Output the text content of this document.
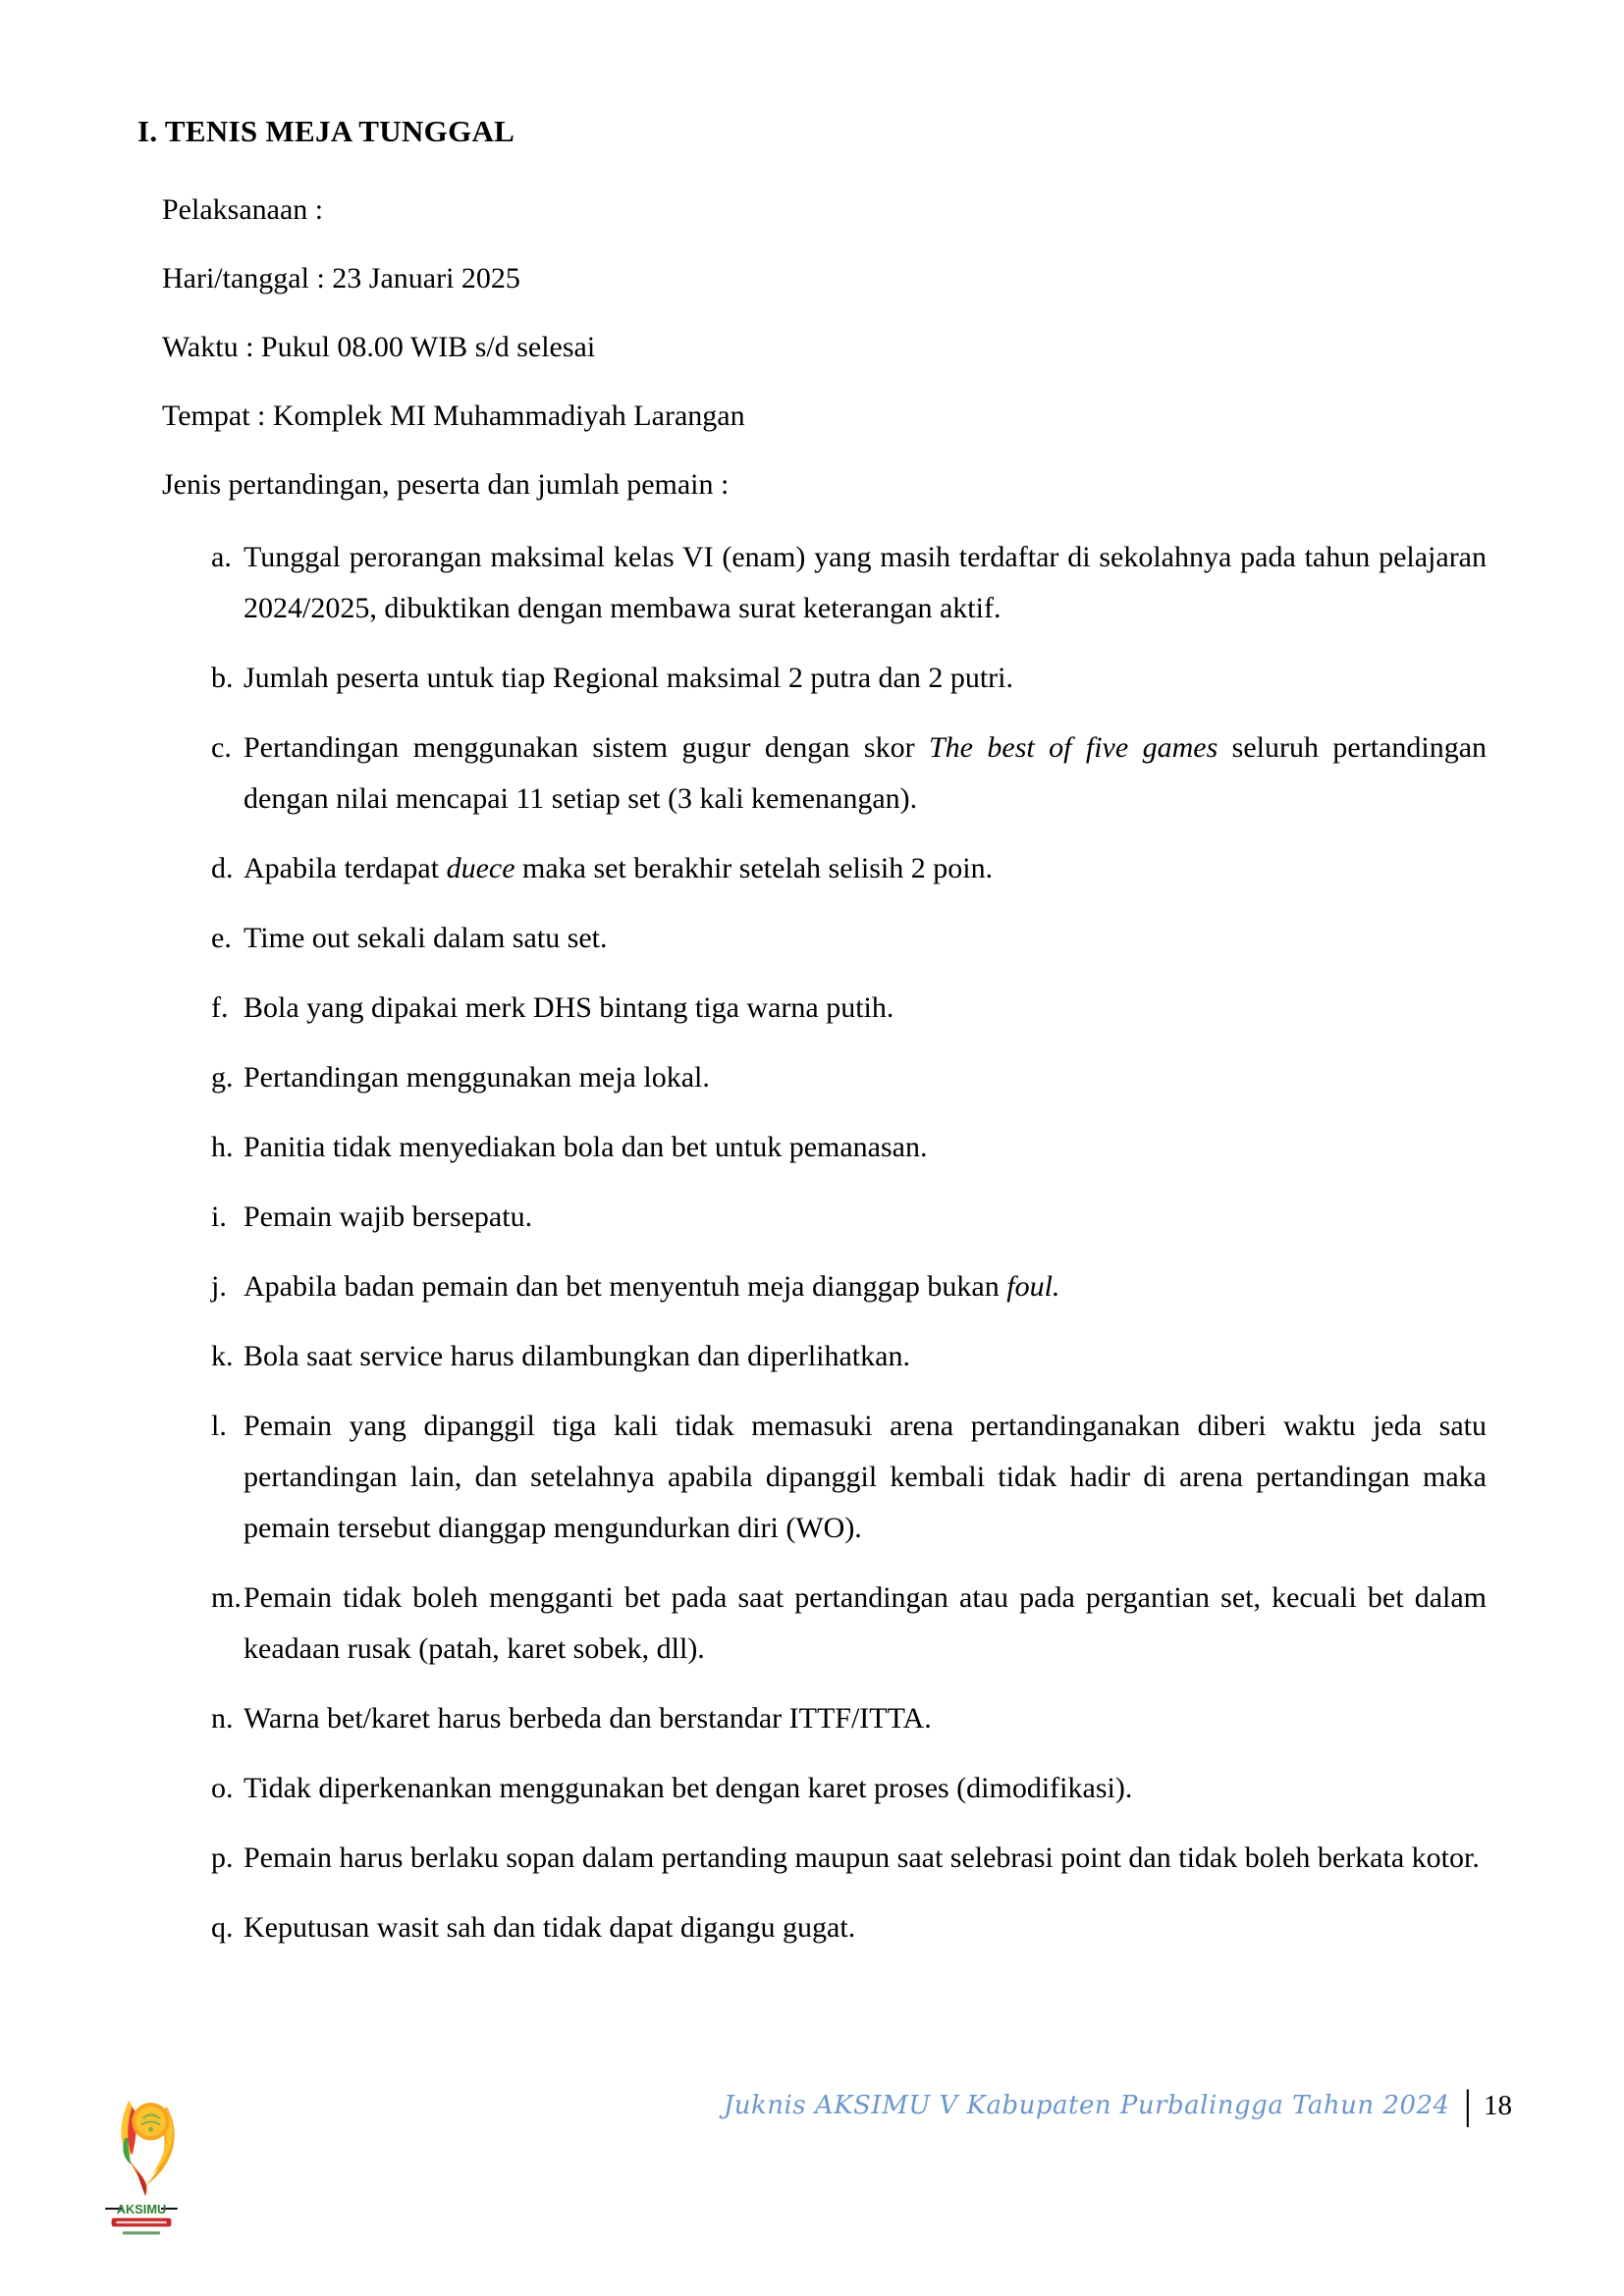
I. TENIS MEJA TUNGGAL

Pelaksanaan :

Hari/tanggal : 23 Januari 2025

Waktu : Pukul 08.00 WIB s/d selesai

Tempat : Komplek MI Muhammadiyah Larangan

Jenis pertandingan, peserta dan jumlah pemain :

a. Tunggal perorangan maksimal kelas VI (enam) yang masih terdaftar di sekolahnya pada tahun pelajaran 2024/2025, dibuktikan dengan membawa surat keterangan aktif.
b. Jumlah peserta untuk tiap Regional maksimal 2 putra dan 2 putri.
c. Pertandingan menggunakan sistem gugur dengan skor The best of five games seluruh pertandingan dengan nilai mencapai 11 setiap set (3 kali kemenangan).
d. Apabila terdapat duece maka set berakhir setelah selisih 2 poin.
e. Time out sekali dalam satu set.
f. Bola yang dipakai merk DHS bintang tiga warna putih.
g. Pertandingan menggunakan meja lokal.
h. Panitia tidak menyediakan bola dan bet untuk pemanasan.
i. Pemain wajib bersepatu.
j. Apabila badan pemain dan bet menyentuh meja dianggap bukan foul.
k. Bola saat service harus dilambungkan dan diperlihatkan.
l. Pemain yang dipanggil tiga kali tidak memasuki arena pertandinganakan diberi waktu jeda satu pertandingan lain, dan setelahnya apabila dipanggil kembali tidak hadir di arena pertandingan maka pemain tersebut dianggap mengundurkan diri (WO).
m. Pemain tidak boleh mengganti bet pada saat pertandingan atau pada pergantian set, kecuali bet dalam keadaan rusak (patah, karet sobek, dll).
n. Warna bet/karet harus berbeda dan berstandar ITTF/ITTA.
o. Tidak diperkenankan menggunakan bet dengan karet proses (dimodifikasi).
p. Pemain harus berlaku sopan dalam pertanding maupun saat selebrasi point dan tidak boleh berkata kotor.
q. Keputusan wasit sah dan tidak dapat digangu gugat.
AKSIMU
Juknis AKSIMU V Kabupaten Purbalingga Tahun 2024 | 18
